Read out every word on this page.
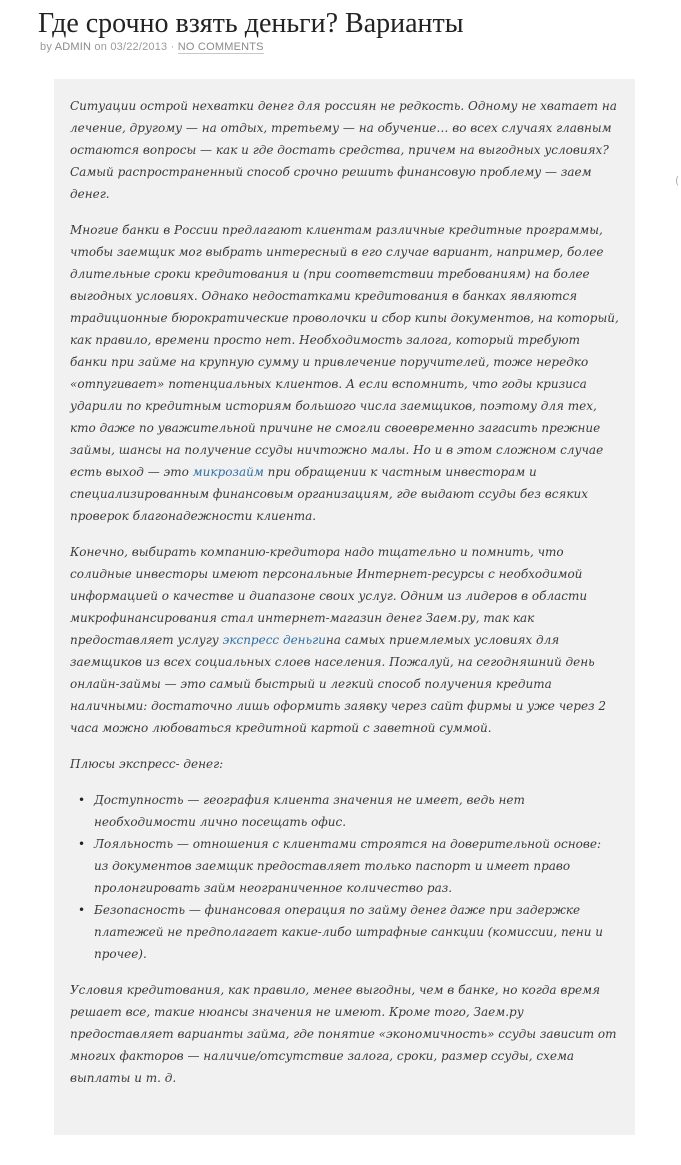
Где срочно взять деньги? Варианты
by ADMIN on 03/22/2013 · NO COMMENTS

Ситуации острой нехватки денег для россиян не редкость. Одному не хватает на лечение, другому — на отдых, третьему — на обучение… во всех случаях главным остаются вопросы — как и где достать средства, причем на выгодных условиях? Самый распространенный способ срочно решить финансовую проблему — заем денег.

Многие банки в России предлагают клиентам различные кредитные программы, чтобы заемщик мог выбрать интересный в его случае вариант, например, более длительные сроки кредитования и (при соответствии требованиям) на более выгодных условиях. Однако недостатками кредитования в банках являются традиционные бюрократические проволочки и сбор кипы документов, на который, как правило, времени просто нет. Необходимость залога, который требуют банки при займе на крупную сумму и привлечение поручителей, тоже нередко «отпугивает» потенциальных клиентов. А если вспомнить, что годы кризиса ударили по кредитным историям большого числа заемщиков, поэтому для тех, кто даже по уважительной причине не смогли своевременно загасить прежние займы, шансы на получение ссуды ничтожно малы. Но и в этом сложном случае есть выход — это микрозайм при обращении к частным инвесторам и специализированным финансовым организациям, где выдают ссуды без всяких проверок благонадежности клиента.

Конечно, выбирать компанию-кредитора надо тщательно и помнить, что солидные инвесторы имеют персональные Интернет-ресурсы с необходимой информацией о качестве и диапазоне своих услуг. Одним из лидеров в области микрофинансирования стал интернет-магазин денег Заем.ру, так как предоставляет услугу экспресс деньгина самых приемлемых условиях для заемщиков из всех социальных слоев населения. Пожалуй, на сегодняшний день онлайн-займы — это самый быстрый и легкий способ получения кредита наличными: достаточно лишь оформить заявку через сайт фирмы и уже через 2 часа можно любоваться кредитной картой с заветной суммой.

Плюсы экспресс- денег:

• Доступность — география клиента значения не имеет, ведь нет необходимости лично посещать офис.
• Лояльность — отношения с клиентами строятся на доверительной основе: из документов заемщик предоставляет только паспорт и имеет право пролонгировать займ неограниченное количество раз.
• Безопасность — финансовая операция по займу денег даже при задержке платежей не предполагает какие-либо штрафные санкции (комиссии, пени и прочее).

Условия кредитования, как правило, менее выгодны, чем в банке, но когда время решает все, такие нюансы значения не имеют. Кроме того, Заем.ру предоставляет варианты займа, где понятие «экономичность» ссуды зависит от многих факторов — наличие/отсутствие залога, сроки, размер ссуды, схема выплаты и т. д.

(
